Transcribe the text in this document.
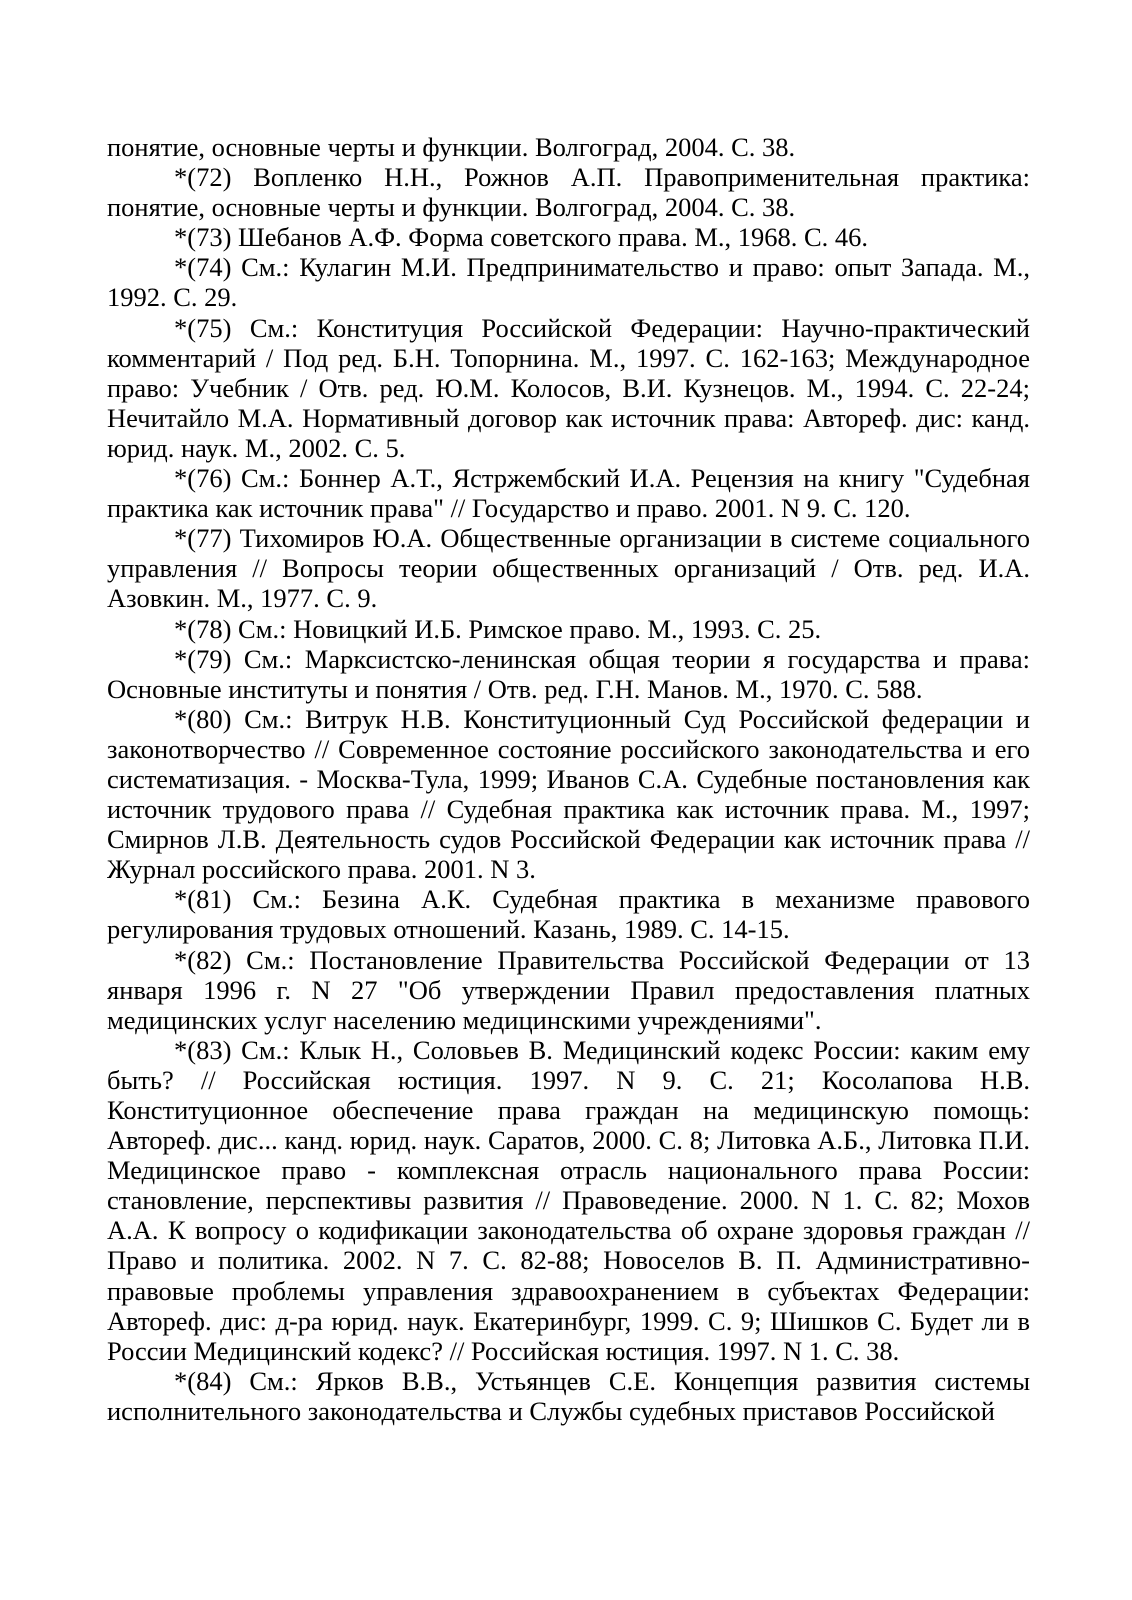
понятие, основные черты и функции. Волгоград, 2004. С. 38.

*(72) Вопленко Н.Н., Рожнов А.П. Правоприменительная практика: понятие, основные черты и функции. Волгоград, 2004. С. 38.

*(73) Шебанов А.Ф. Форма советского права. М., 1968. С. 46.

*(74) См.: Кулагин М.И. Предпринимательство и право: опыт Запада. М., 1992. С. 29.

*(75) См.: Конституция Российской Федерации: Научно-практический комментарий / Под ред. Б.Н. Топорнина. М., 1997. С. 162-163; Международное право: Учебник / Отв. ред. Ю.М. Колосов, В.И. Кузнецов. М., 1994. С. 22-24; Нечитайло М.А. Нормативный договор как источник права: Автореф. дис: канд. юрид. наук. М., 2002. С. 5.

*(76) См.: Боннер А.Т., Ястржембский И.А. Рецензия на книгу "Судебная практика как источник права" // Государство и право. 2001. N 9. С. 120.

*(77) Тихомиров Ю.А. Общественные организации в системе социального управления // Вопросы теории общественных организаций / Отв. ред. И.А. Азовкин. М., 1977. С. 9.

*(78) См.: Новицкий И.Б. Римское право. М., 1993. С. 25.

*(79) См.: Марксистско-ленинская общая теории я государства и права: Основные институты и понятия / Отв. ред. Г.Н. Манов. М., 1970. С. 588.

*(80) См.: Витрук Н.В. Конституционный Суд Российской федерации и законотворчество // Современное состояние российского законодательства и его систематизация. - Москва-Тула, 1999; Иванов С.А. Судебные постановления как источник трудового права // Судебная практика как источник права. М., 1997; Смирнов Л.В. Деятельность судов Российской Федерации как источник права // Журнал российского права. 2001. N 3.

*(81) См.: Безина А.К. Судебная практика в механизме правового регулирования трудовых отношений. Казань, 1989. С. 14-15.

*(82) См.: Постановление Правительства Российской Федерации от 13 января 1996 г. N 27 "Об утверждении Правил предоставления платных медицинских услуг населению медицинскими учреждениями".

*(83) См.: Клык Н., Соловьев В. Медицинский кодекс России: каким ему быть? // Российская юстиция. 1997. N 9. С. 21; Косолапова Н.В. Конституционное обеспечение права граждан на медицинскую помощь: Автореф. дис... канд. юрид. наук. Саратов, 2000. С. 8; Литовка А.Б., Литовка П.И. Медицинское право - комплексная отрасль национального права России: становление, перспективы развития // Правоведение. 2000. N 1. С. 82; Мохов А.А. К вопросу о кодификации законодательства об охране здоровья граждан // Право и политика. 2002. N 7. С. 82-88; Новоселов В. П. Административно-правовые проблемы управления здравоохранением в субъектах Федерации: Автореф. дис: д-ра юрид. наук. Екатеринбург, 1999. С. 9; Шишков С. Будет ли в России Медицинский кодекс? // Российская юстиция. 1997. N 1. С. 38.

*(84) См.: Ярков В.В., Устьянцев С.Е. Концепция развития системы исполнительного законодательства и Службы судебных приставов Российской
